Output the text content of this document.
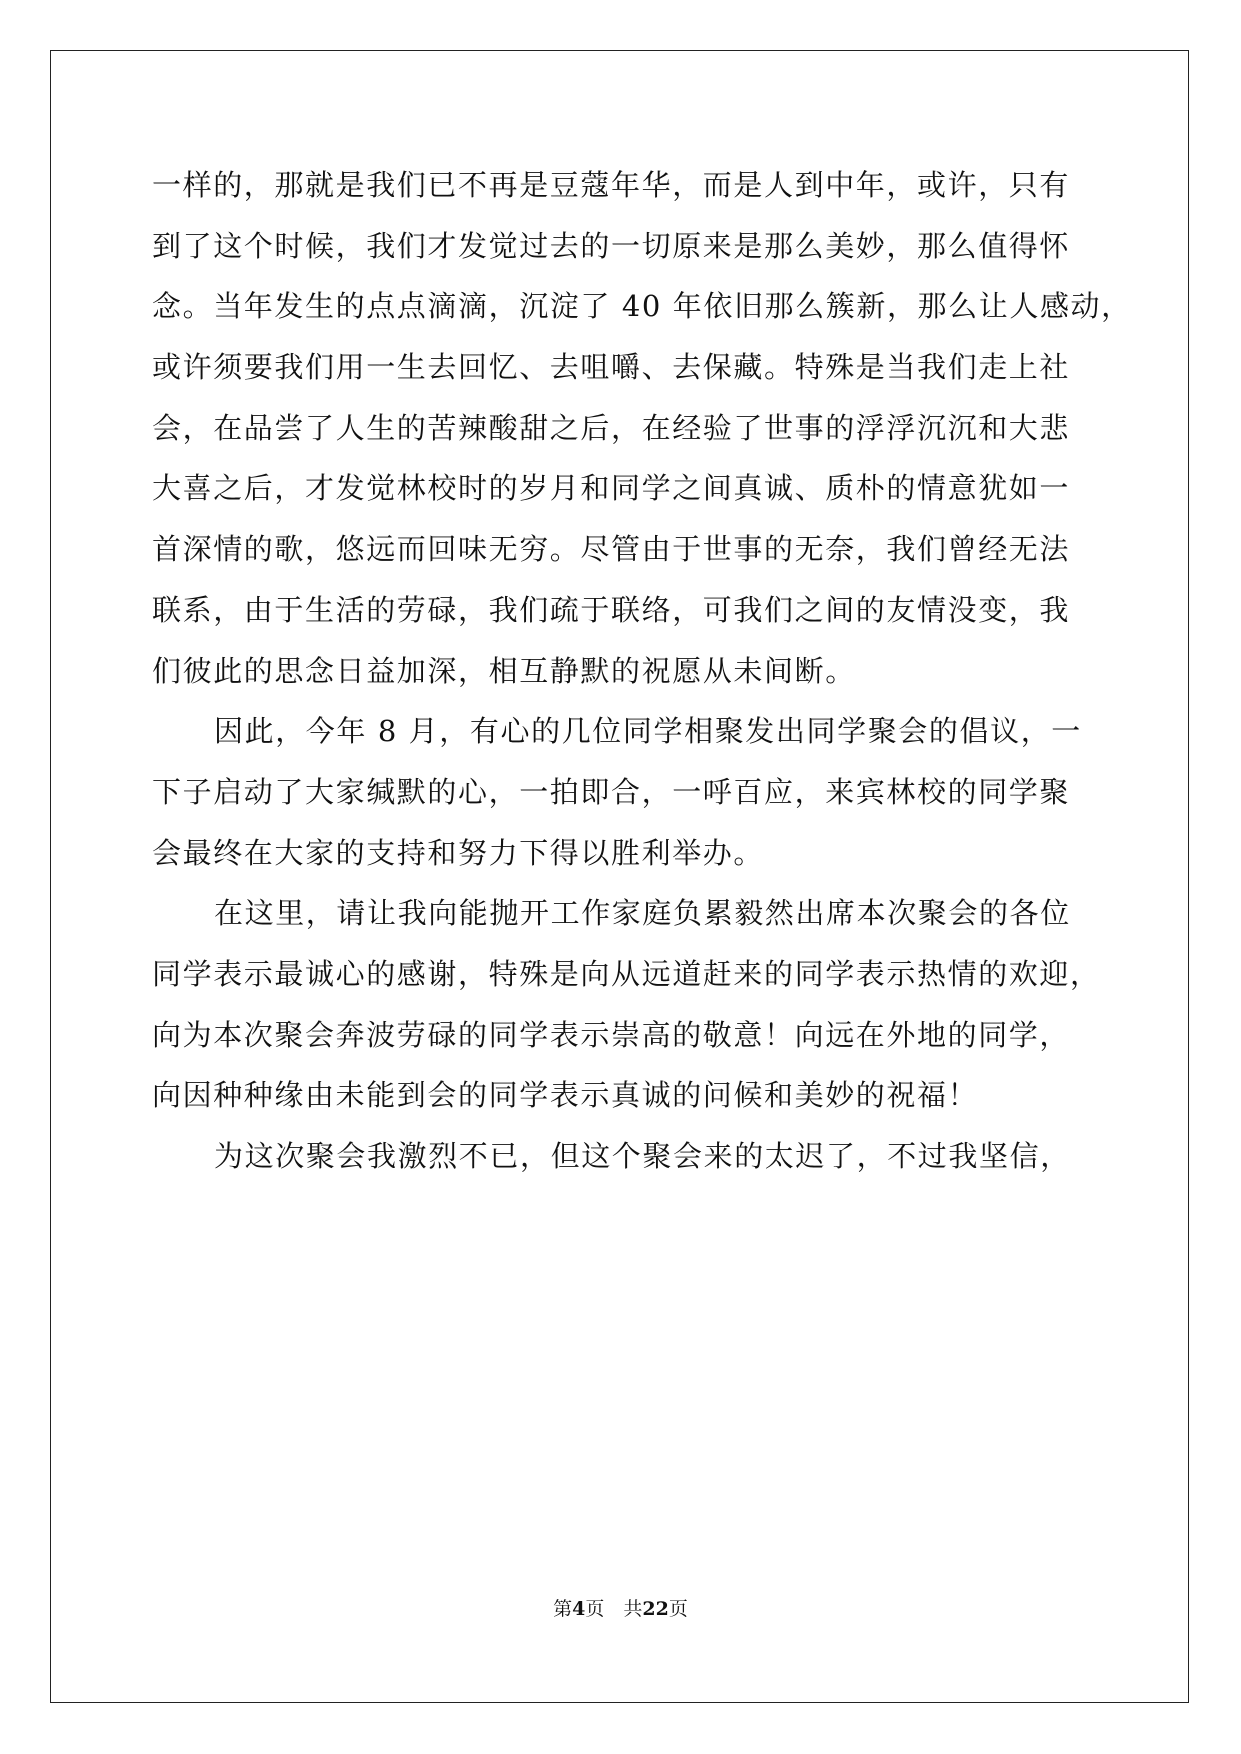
一样的，那就是我们已不再是豆蔻年华，而是人到中年，或许，只有
到了这个时候，我们才发觉过去的一切原来是那么美妙，那么值得怀
念。当年发生的点点滴滴，沉淀了 40 年依旧那么簇新，那么让人感动，
或许须要我们用一生去回忆、去咀嚼、去保藏。特殊是当我们走上社
会，在品尝了人生的苦辣酸甜之后，在经验了世事的浮浮沉沉和大悲
大喜之后，才发觉林校时的岁月和同学之间真诚、质朴的情意犹如一
首深情的歌，悠远而回味无穷。尽管由于世事的无奈，我们曾经无法
联系，由于生活的劳碌，我们疏于联络，可我们之间的友情没变，我
们彼此的思念日益加深，相互静默的祝愿从未间断。
因此，今年 8 月，有心的几位同学相聚发出同学聚会的倡议，一
下子启动了大家缄默的心，一拍即合，一呼百应，来宾林校的同学聚
会最终在大家的支持和努力下得以胜利举办。
在这里，请让我向能抛开工作家庭负累毅然出席本次聚会的各位
同学表示最诚心的感谢，特殊是向从远道赶来的同学表示热情的欢迎，
向为本次聚会奔波劳碌的同学表示崇高的敬意！向远在外地的同学，
向因种种缘由未能到会的同学表示真诚的问候和美妙的祝福！
为这次聚会我激烈不已，但这个聚会来的太迟了，不过我坚信，
第4页　共22页
